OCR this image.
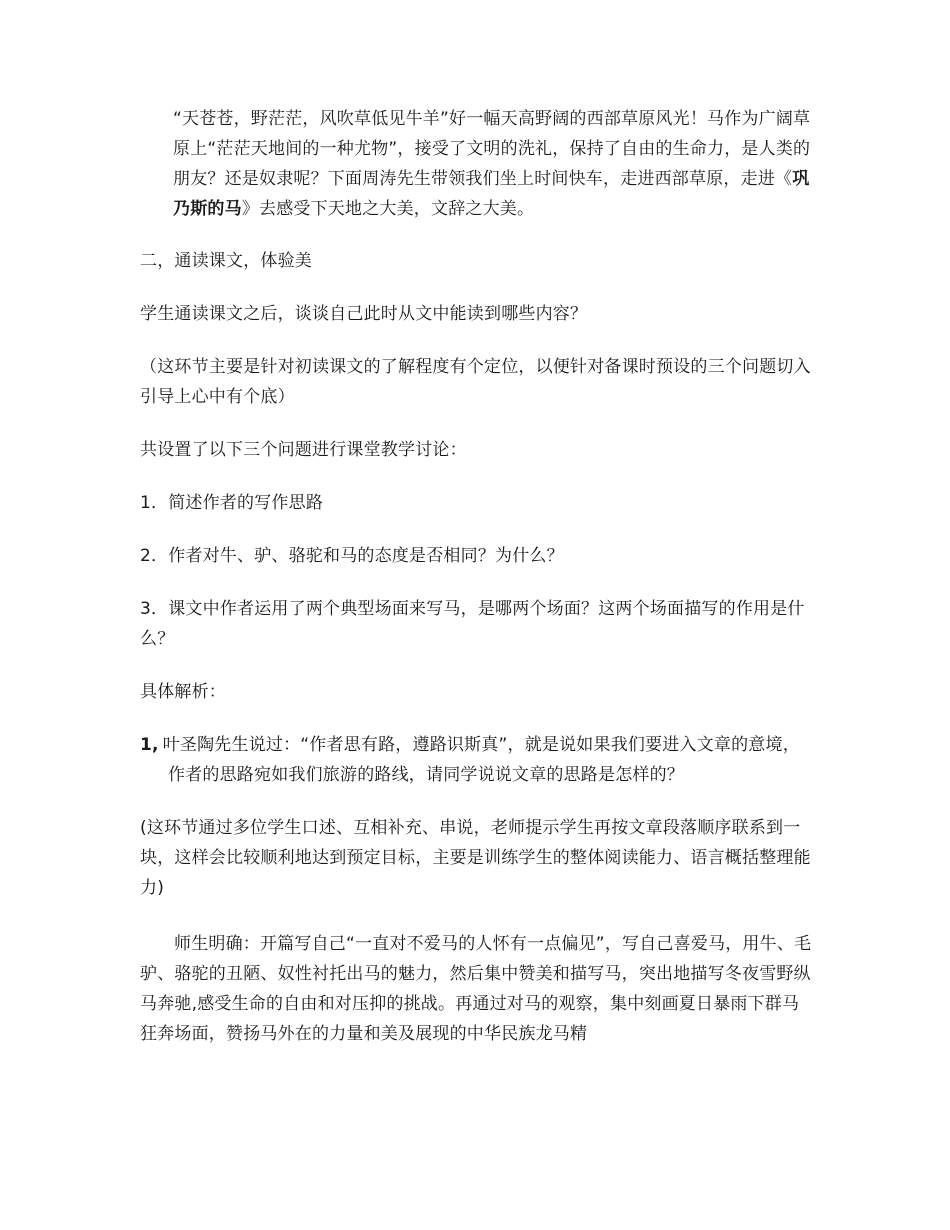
“天苍苍，野茫茫，风吹草低见牛羊”好一幅天高野阔的西部草原风光！马作为广阔草原上“茫茫天地间的一种尤物”，接受了文明的洗礼，保持了自由的生命力，是人类的朋友？还是奴隶呢？下面周涛先生带领我们坐上时间快车，走进西部草原，走进《巩乃斯的马》去感受下天地之大美，文辞之大美。

二，通读课文，体验美

学生通读课文之后，谈谈自己此时从文中能读到哪些内容？

（这环节主要是针对初读课文的了解程度有个定位，以便针对备课时预设的三个问题切入引导上心中有个底）

共设置了以下三个问题进行课堂教学讨论：

1．简述作者的写作思路

2．作者对牛、驴、骆驼和马的态度是否相同？为什么？

3．课文中作者运用了两个典型场面来写马，是哪两个场面？这两个场面描写的作用是什么？

具体解析：

1, 叶圣陶先生说过：“作者思有路，遵路识斯真”，就是说如果我们要进入文章的意境，作者的思路宛如我们旅游的路线，请同学说说文章的思路是怎样的？

(这环节通过多位学生口述、互相补充、串说，老师提示学生再按文章段落顺序联系到一块，这样会比较顺利地达到预定目标，主要是训练学生的整体阅读能力、语言概括整理能力)

师生明确：开篇写自己“一直对不爱马的人怀有一点偏见”，写自己喜爱马，用牛、毛驴、骆驼的丑陋、奴性衬托出马的魅力，然后集中赞美和描写马，突出地描写冬夜雪野纵马奔驰,感受生命的自由和对压抑的挑战。再通过对马的观察，集中刻画夏日暴雨下群马狂奔场面，赞扬马外在的力量和美及展现的中华民族龙马精
